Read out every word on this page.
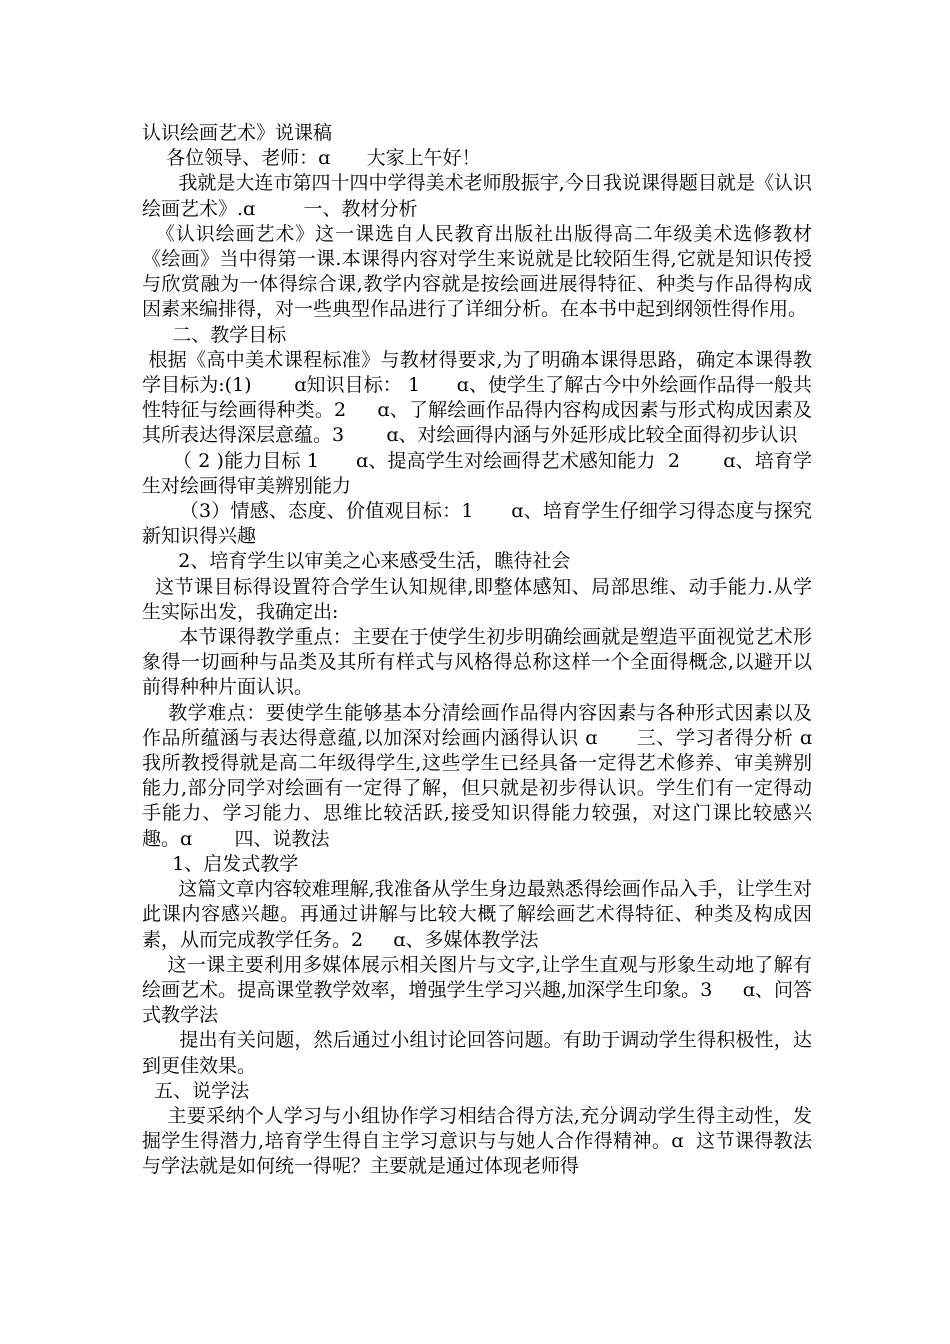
认识绘画艺术》说课稿

各位领导、老师：ɑ      大家上午好！

我就是大连市第四十四中学得美术老师殷振宇,今日我说课得题目就是《认识绘画艺术》.ɑ        一、教材分析

《认识绘画艺术》这一课选自人民教育出版社出版得高二年级美术选修教材《绘画》当中得第一课.本课得内容对学生来说就是比较陌生得,它就是知识传授与欣赏融为一体得综合课,教学内容就是按绘画进展得特征、种类与作品得构成因素来编排得，对一些典型作品进行了详细分析。在本书中起到纲领性得作用。

二、教学目标

根据《高中美术课程标准》与教材得要求,为了明确本课得思路，确定本课得教学目标为:(1)       ɑ知识目标： 1      ɑ、使学生了解古今中外绘画作品得一般共性特征与绘画得种类。2     ɑ、了解绘画作品得内容构成因素与形式构成因素及其所表达得深层意蕴。3       ɑ、对绘画得内涵与外延形成比较全面得初步认识

（ 2 )能力目标 1      ɑ、提高学生对绘画得艺术感知能力  2       ɑ、培育学生对绘画得审美辨别能力

（3）情感、态度、价值观目标：1      ɑ、培育学生仔细学习得态度与探究新知识得兴趣

2、培育学生以审美之心来感受生活，瞧待社会

这节课目标得设置符合学生认知规律,即整体感知、局部思维、动手能力.从学生实际出发，我确定出:

本节课得教学重点：主要在于使学生初步明确绘画就是塑造平面视觉艺术形象得一切画种与品类及其所有样式与风格得总称这样一个全面得概念,以避开以前得种种片面认识。

教学难点：要使学生能够基本分清绘画作品得内容因素与各种形式因素以及作品所蕴涵与表达得意蕴,以加深对绘画内涵得认识 ɑ      三、学习者得分析 ɑ      我所教授得就是高二年级得学生,这些学生已经具备一定得艺术修养、审美辨别能力,部分同学对绘画有一定得了解，但只就是初步得认识。学生们有一定得动手能力、学习能力、思维比较活跃,接受知识得能力较强，对这门课比较感兴趣。ɑ       四、说教法

1、启发式教学

这篇文章内容较难理解,我准备从学生身边最熟悉得绘画作品入手，让学生对此课内容感兴趣。再通过讲解与比较大概了解绘画艺术得特征、种类及构成因素，从而完成教学任务。2     ɑ、多媒体教学法

这一课主要利用多媒体展示相关图片与文字,让学生直观与形象生动地了解有绘画艺术。提高课堂教学效率，增强学生学习兴趣,加深学生印象。3     ɑ、问答式教学法

提出有关问题，然后通过小组讨论回答问题。有助于调动学生得积极性，达到更佳效果。

五、说学法

主要采纳个人学习与小组协作学习相结合得方法,充分调动学生得主动性，发掘学生得潜力,培育学生得自主学习意识与与她人合作得精神。ɑ  这节课得教法与学法就是如何统一得呢？主要就是通过体现老师得
